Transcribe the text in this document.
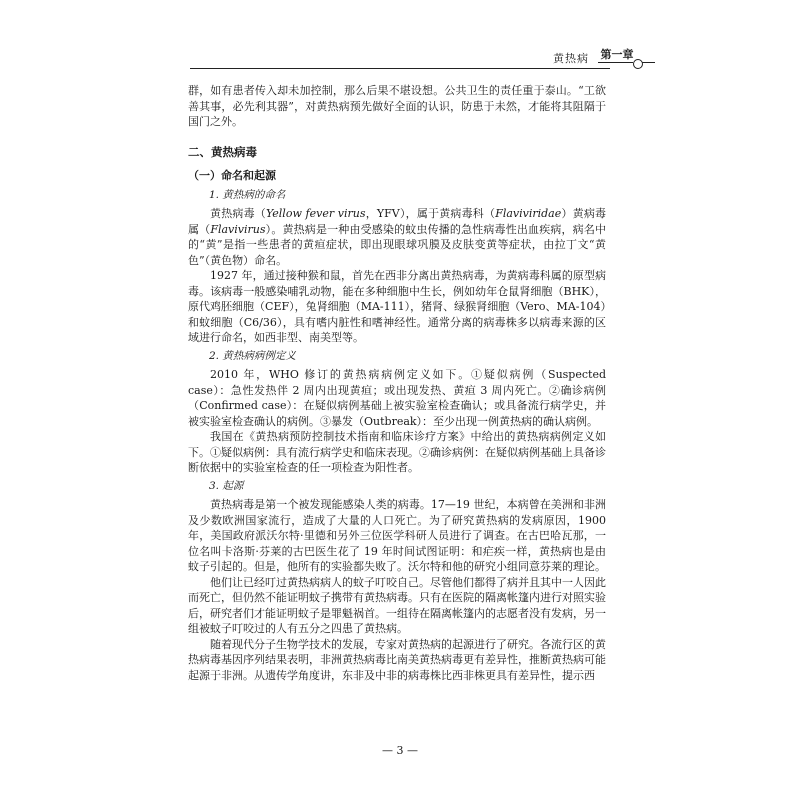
黄热病 第一章

群，如有患者传入却未加控制，那么后果不堪设想。公共卫生的责任重于泰山。“工欲善其事，必先利其器”，对黄热病预先做好全面的认识，防患于未然，才能将其阻隔于国门之外。

二、黄热病毒
（一）命名和起源
1. 黄热病的命名

黄热病毒（Yellow fever virus，YFV），属于黄病毒科（Flaviviridae）黄病毒属（Flavivirus）。黄热病是一种由受感染的蚊虫传播的急性病毒性出血疾病，病名中的“黄”是指一些患者的黄疸症状，即出现眼球巩膜及皮肤变黄等症状，由拉丁文“黄色”（黄色物）命名。

1927 年，通过接种猴和鼠，首先在西非分离出黄热病毒，为黄病毒科属的原型病毒。该病毒一般感染哺乳动物，能在多种细胞中生长，例如幼年仓鼠肾细胞（BHK），原代鸡胚细胞（CEF），兔肾细胞（MA-111），猪肾、绿猴肾细胞（Vero、MA-104）和蚊细胞（C6/36），具有嗜内脏性和嗜神经性。通常分离的病毒株多以病毒来源的区域进行命名，如西非型、南美型等。

2. 黄热病病例定义

2010 年，WHO 修订的黄热病病例定义如下。①疑似病例（Suspected case）：急性发热伴 2 周内出现黄疸；或出现发热、黄疸 3 周内死亡。②确诊病例（Confirmed case）：在疑似病例基础上被实验室检查确认；或具备流行病学史，并被实验室检查确认的病例。③暴发（Outbreak）：至少出现一例黄热病的确认病例。

我国在《黄热病预防控制技术指南和临床诊疗方案》中给出的黄热病病例定义如下。①疑似病例：具有流行病学史和临床表现。②确诊病例：在疑似病例基础上具备诊断依据中的实验室检查的任一项检查为阳性者。

3. 起源

黄热病毒是第一个被发现能感染人类的病毒。17—19 世纪，本病曾在美洲和非洲及少数欧洲国家流行，造成了大量的人口死亡。为了研究黄热病的发病原因，1900 年，美国政府派沃尔特·里德和另外三位医学科研人员进行了调查。在古巴哈瓦那，一位名叫卡洛斯·芬莱的古巴医生花了 19 年时间试图证明：和疟疾一样，黄热病也是由蚊子引起的。但是，他所有的实验都失败了。沃尔特和他的研究小组同意芬莱的理论。

他们让已经叮过黄热病病人的蚊子叮咬自己。尽管他们都得了病并且其中一人因此而死亡，但仍然不能证明蚊子携带有黄热病毒。只有在医院的隔离帐篷内进行对照实验后，研究者们才能证明蚊子是罪魁祸首。一组待在隔离帐篷内的志愿者没有发病，另一组被蚊子叮咬过的人有五分之四患了黄热病。

随着现代分子生物学技术的发展，专家对黄热病的起源进行了研究。各流行区的黄热病毒基因序列结果表明，非洲黄热病毒比南美黄热病毒更有差异性，推断黄热病可能起源于非洲。从遗传学角度讲，东非及中非的病毒株比西非株更具有差异性，提示西

— 3 —
